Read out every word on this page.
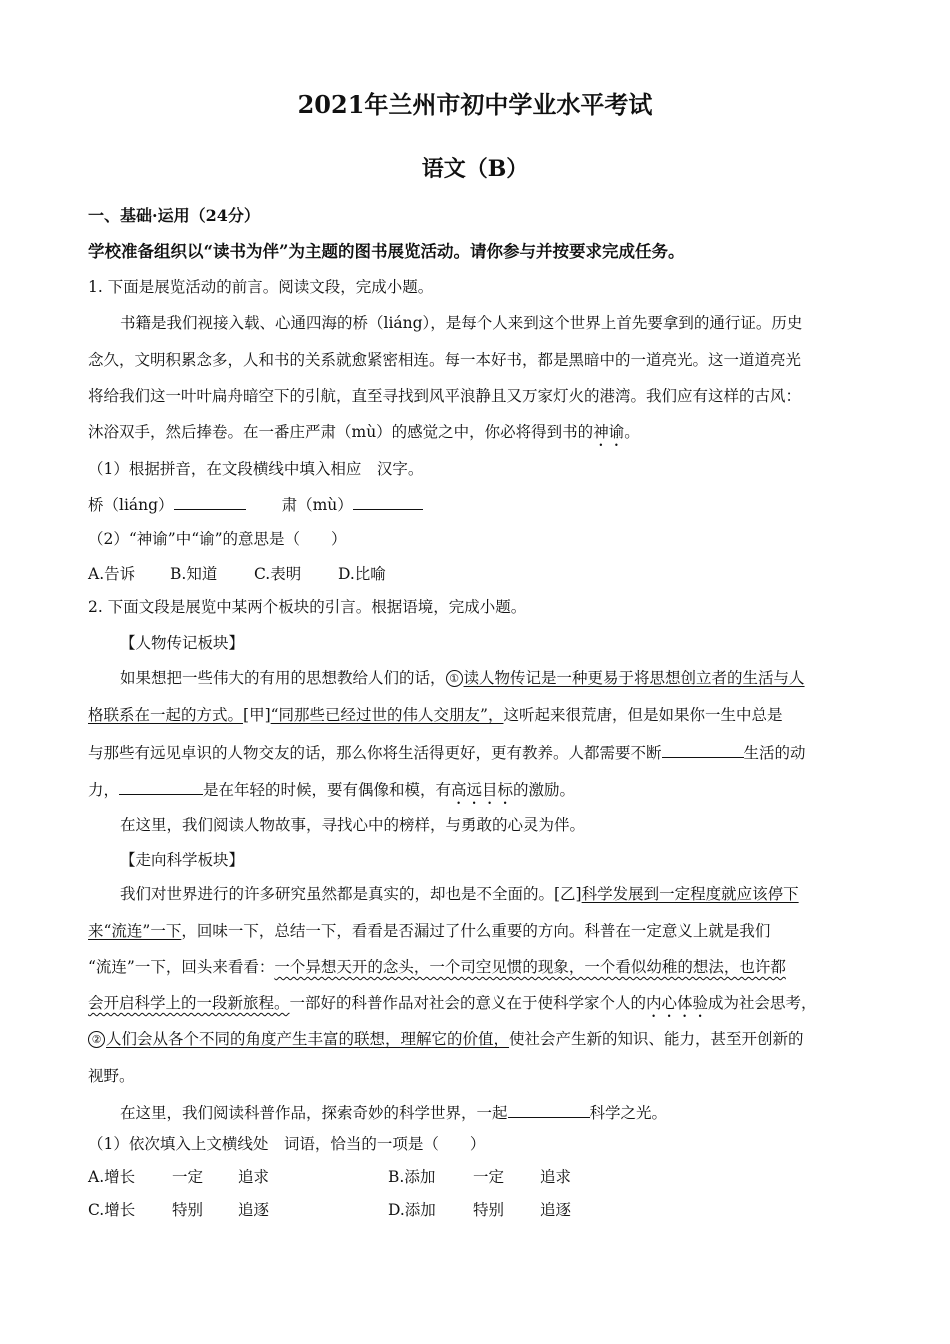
2021年兰州市初中学业水平考试
语文（B）
一、基础·运用（24分）
学校准备组织以“读书为伴”为主题的图书展览活动。请你参与并按要求完成任务。
1. 下面是展览活动的前言。阅读文段，完成小题。
书籍是我们视接入载、心通四海的桥（liáng），是每个人来到这个世界上首先要拿到的通行证。历史
念久，文明积累念多，人和书的关系就愈紧密相连。每一本好书，都是黑暗中的一道亮光。这一道道亮光
将给我们这一叶叶扁舟暗空下的引航，直至寻找到风平浪静且又万家灯火的港湾。我们应有这样的古风：
沐浴双手，然后捧卷。在一番庄严肃（mù）的感觉之中，你必将得到书的神谕。
（1）根据拼音，在文段横线中填入相应　汉字。
桥（liáng）	肃（mù）
（2）“神谕”中“谕”的意思是（　　）
A.告诉 B.知道 C.表明 D.比喻
2. 下面文段是展览中某两个板块的引言。根据语境，完成小题。
【人物传记板块】
如果想把一些伟大的有用的思想教给人们的话， ① 读人物传记是一种更易于将思想创立者的生活与人
格联系在一起的方式。[甲]“同那些已经过世的伟人交朋友”，这听起来很荒唐，但是如果你一生中总是
与那些有远见卓识的人物交友的话，那么你将生活得更好，更有教养。人都需要不断	生活的动
力，	是在年轻的时候，要有偶像和模，有高远目标的激励。
在这里，我们阅读人物故事，寻找心中的榜样，与勇敢的心灵为伴。
【走向科学板块】
我们对世界进行的许多研究虽然都是真实的，却也是不全面的。[乙]科学发展到一定程度就应该停下
来“流连”一下，回味一下，总结一下，看看是否漏过了什么重要的方向。科普在一定意义上就是我们
“流连”一下，回头来看看：一个异想天开的念头，一个司空见惯的现象，一个看似幼稚的想法，也许都
会开启科学上的一段新旅程。一部好的科普作品对社会的意义在于使科学家个人的内心体验成为社会思考，
② 人们会从各个不同的角度产生丰富的联想，理解它的价值，使社会产生新的知识、能力，甚至开创新的
视野。
在这里，我们阅读科普作品，探索奇妙的科学世界，一起	科学之光。
（1）依次填入上文横线处　词语，恰当的一项是（　　）
A.增长 一定 追求	B.添加 一定 追求
C.增长 特别 追逐	D.添加 特别 追逐
